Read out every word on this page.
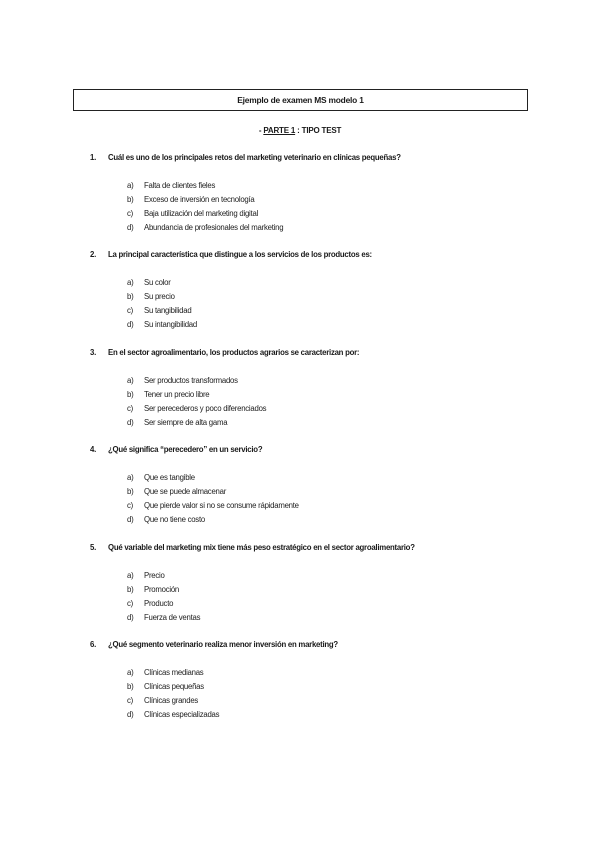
Ejemplo de examen MS modelo 1
- PARTE 1 : TIPO TEST
1. Cuál es uno de los principales retos del marketing veterinario en clínicas pequeñas?
a) Falta de clientes fieles
b) Exceso de inversión en tecnología
c) Baja utilización del marketing digital
d) Abundancia de profesionales del marketing
2. La principal característica que distingue a los servicios de los productos es:
a) Su color
b) Su precio
c) Su tangibilidad
d) Su intangibilidad
3. En el sector agroalimentario, los productos agrarios se caracterizan por:
a) Ser productos transformados
b) Tener un precio libre
c) Ser perecederos y poco diferenciados
d) Ser siempre de alta gama
4. ¿Qué significa “perecedero” en un servicio?
a) Que es tangible
b) Que se puede almacenar
c) Que pierde valor si no se consume rápidamente
d) Que no tiene costo
5. Qué variable del marketing mix tiene más peso estratégico en el sector agroalimentario?
a) Precio
b) Promoción
c) Producto
d) Fuerza de ventas
6. ¿Qué segmento veterinario realiza menor inversión en marketing?
a) Clínicas medianas
b) Clínicas pequeñas
c) Clínicas grandes
d) Clínicas especializadas
